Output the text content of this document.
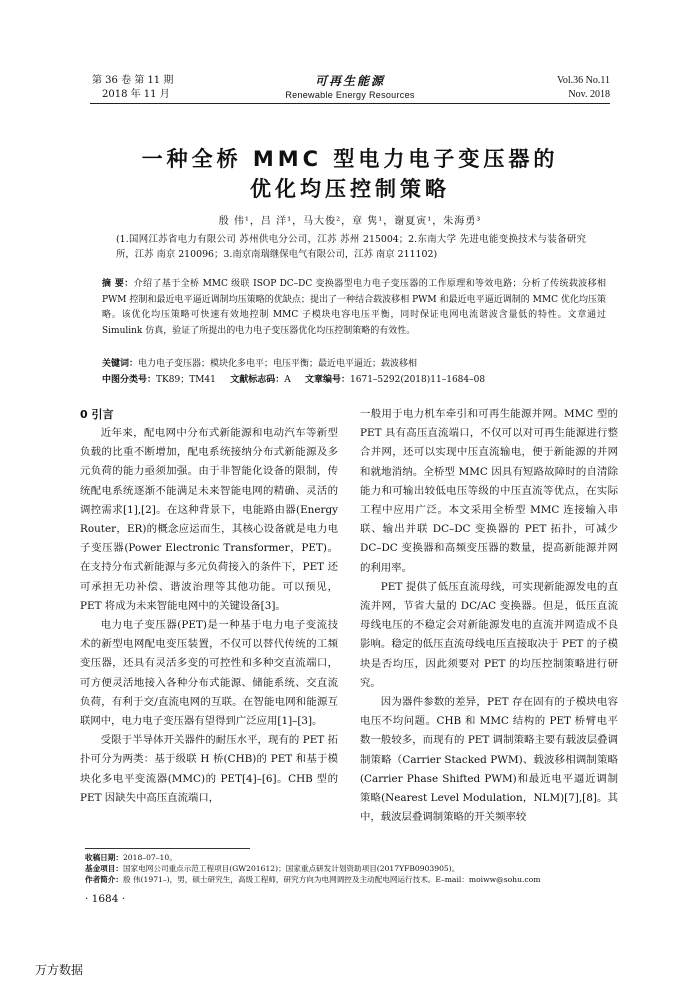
第 36 卷 第 11 期
2018 年 11 月
可再生能源
Renewable Energy Resources
Vol.36 No.11
Nov. 2018
一种全桥 MMC 型电力电子变压器的
优化均压控制策略
殷 伟¹，吕 洋¹，马大俊²，章 隽¹，谢夏寅¹，朱海勇³
(1.国网江苏省电力有限公司 苏州供电分公司，江苏 苏州 215004；2.东南大学 先进电能变换技术与装备研究所，江苏 南京 210096；3.南京南瑞继保电气有限公司，江苏 南京 211102)
摘 要：介绍了基于全桥 MMC 级联 ISOP DC–DC 变换器型电力电子变压器的工作原理和等效电路；分析了传统载波移相 PWM 控制和最近电平逼近调制均压策略的优缺点；提出了一种结合载波移相 PWM 和最近电平逼近调制的 MMC 优化均压策略。该优化均压策略可快速有效地控制 MMC 子模块电容电压平衡，同时保证电网电流谐波含量低的特性。文章通过 Simulink 仿真，验证了所提出的电力电子变压器优化均压控制策略的有效性。
关键词：电力电子变压器；模块化多电平；电压平衡；最近电平逼近；载波移相
中图分类号：TK89；TM41 文献标志码：A 文章编号：1671–5292(2018)11–1684–08
0 引言

近年来，配电网中分布式新能源和电动汽车等新型负载的比重不断增加，配电系统接纳分布式新能源及多元负荷的能力亟须加强。由于非智能化设备的限制，传统配电系统逐渐不能满足未来智能电网的精确、灵活的调控需求[1],[2]。在这种背景下，电能路由器(Energy Router，ER)的概念应运而生，其核心设备就是电力电子变压器(Power Electronic Transformer，PET)。在支持分布式新能源与多元负荷接入的条件下，PET 还可承担无功补偿、谐波治理等其他功能。可以预见，PET 将成为未来智能电网中的关键设备[3]。

电力电子变压器(PET)是一种基于电力电子变流技术的新型电网配电变压装置，不仅可以替代传统的工频变压器，还具有灵活多变的可控性和多种交直流端口，可方便灵活地接入各种分布式能源、储能系统、交直流负荷，有利于交/直流电网的互联。在智能电网和能源互联网中，电力电子变压器有望得到广泛应用[1]–[3]。

受限于半导体开关器件的耐压水平，现有的 PET 拓扑可分为两类：基于级联 H 桥(CHB)的 PET 和基于模块化多电平变流器(MMC)的 PET[4]–[6]。CHB 型的 PET 因缺失中高压直流端口，

一般用于电力机车牵引和可再生能源并网。MMC 型的 PET 具有高压直流端口，不仅可以对可再生能源进行整合并网，还可以实现中压直流输电，便于新能源的并网和就地消纳。全桥型 MMC 因具有短路故障时的自清除能力和可输出较低电压等级的中压直流等优点，在实际工程中应用广泛。本文采用全桥型 MMC 连接输入串联、输出并联 DC–DC 变换器的 PET 拓扑，可减少 DC–DC 变换器和高频变压器的数量，提高新能源并网的利用率。

PET 提供了低压直流母线，可实现新能源发电的直流并网，节省大量的 DC/AC 变换器。但是，低压直流母线电压的不稳定会对新能源发电的直流并网造成不良影响。稳定的低压直流母线电压直接取决于 PET 的子模块是否均压，因此须要对 PET 的均压控制策略进行研究。

因为器件参数的差异，PET 存在固有的子模块电容电压不均问题。CHB 和 MMC 结构的 PET 桥臂电平数一般较多，而现有的 PET 调制策略主要有载波层叠调制策略（Carrier Stacked PWM)、载波移相调制策略(Carrier Phase Shifted PWM)和最近电平逼近调制策略(Nearest Level Modulation，NLM)[7],[8]。其中，载波层叠调制策略的开关频率较

收稿日期：2018–07–10。
基金项目：国家电网公司重点示范工程项目(GW201612)；国家重点研发计划资助项目(2017YFB0903905)。
作者简介：殷 伟(1971–)，男，硕士研究生，高级工程师，研究方向为电网调控及主动配电网运行技术。E–mail：moiww@sohu.com
· 1684 ·
万方数据
